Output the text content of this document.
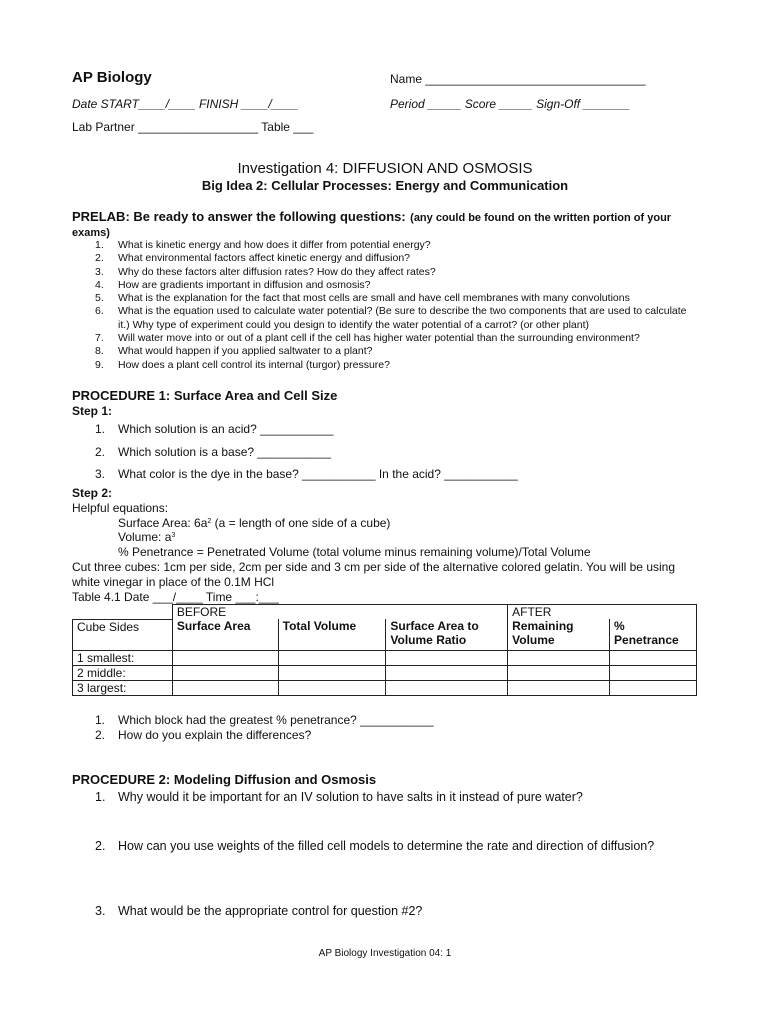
AP Biology	Name _________________________________
Date START____/____ FINISH ____/____	Period _____ Score _____ Sign-Off _______
Lab Partner __________________ Table ___
Investigation 4: DIFFUSION AND OSMOSIS
Big Idea 2: Cellular Processes: Energy and Communication
PRELAB: Be ready to answer the following questions: (any could be found on the written portion of your exams)
1. What is kinetic energy and how does it differ from potential energy?
2. What environmental factors affect kinetic energy and diffusion?
3. Why do these factors alter diffusion rates? How do they affect rates?
4. How are gradients important in diffusion and osmosis?
5. What is the explanation for the fact that most cells are small and have cell membranes with many convolutions
6. What is the equation used to calculate water potential? (Be sure to describe the two components that are used to calculate it.) Why type of experiment could you design to identify the water potential of a carrot? (or other plant)
7. Will water move into or out of a plant cell if the cell has higher water potential than the surrounding environment?
8. What would happen if you applied saltwater to a plant?
9. How does a plant cell control its internal (turgor) pressure?
PROCEDURE 1: Surface Area and Cell Size
Step 1:
1. Which solution is an acid? ___________
2. Which solution is a base? ___________
3. What color is the dye in the base? ___________ In the acid? ___________
Step 2:
Helpful equations:
Surface Area: $6a^2$ (a = length of one side of a cube)
Volume: $a^3$
% Penetrance = Penetrated Volume (total volume minus remaining volume)/Total Volume
Cut three cubes: 1cm per side, 2cm per side and 3 cm per side of the alternative colored gelatin. You will be using white vinegar in place of the 0.1M HCl
Table 4.1 Date ___/____ Time ___:___
	BEFORE			AFTER	
Cube Sides	Surface Area	Total Volume	Surface Area to Volume Ratio	Remaining Volume	% Penetrance
1 smallest:					
2 middle:					
3 largest:					
1. Which block had the greatest % penetrance? ___________
2. How do you explain the differences?
PROCEDURE 2: Modeling Diffusion and Osmosis
1. Why would it be important for an IV solution to have salts in it instead of pure water?
2. How can you use weights of the filled cell models to determine the rate and direction of diffusion?
3. What would be the appropriate control for question #2?
AP Biology Investigation 04: 1
